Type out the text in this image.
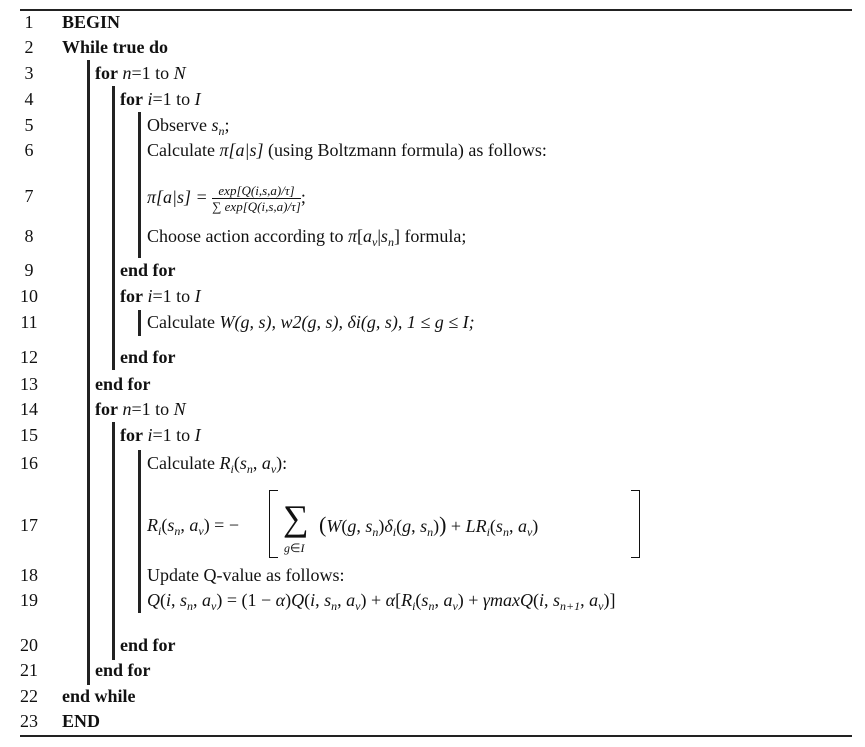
1
2
3
4
5
6
7
8
9
10
11
12
13
14
15
16
17
18
19
20
21
22
23
BEGIN
While true do
for n=1 to N
for i=1 to I
Observe $s_n$;
Calculate π[a|s] (using Boltzmann formula) as follows:
$\pi[a|s] = \frac{\exp[Q(i,s,a)/\tau]}{\sum \exp[Q(i,s,a)/\tau]}$ ;
Choose action according to $\pi[a_v|s_n]$ formula;
end for
for i=1 to I
Calculate W(g, s), w2(g, s), δi(g, s), 1 ≤ g ≤ I;
end for
end for
for n=1 to N
for i=1 to I
Calculate $R_i(s_n$, $a_v$):
$R_i(s_n$, $a_v$) = − ∑
g∈I
(W(g, $s_n)\delta_i(g$, $s_n)) + LR_i(s_n$, $a_v$)
Update Q-value as follows:
Q(i, $s_n$, $a_v) = (1 - \alpha)Q(i$, $s_n$, $a_v) + \alpha[R_i(s_n$, $a_v) + \gamma\max Q(i$, $s_{n+1}$, $a_v$)]
end for
end for
end while
END
